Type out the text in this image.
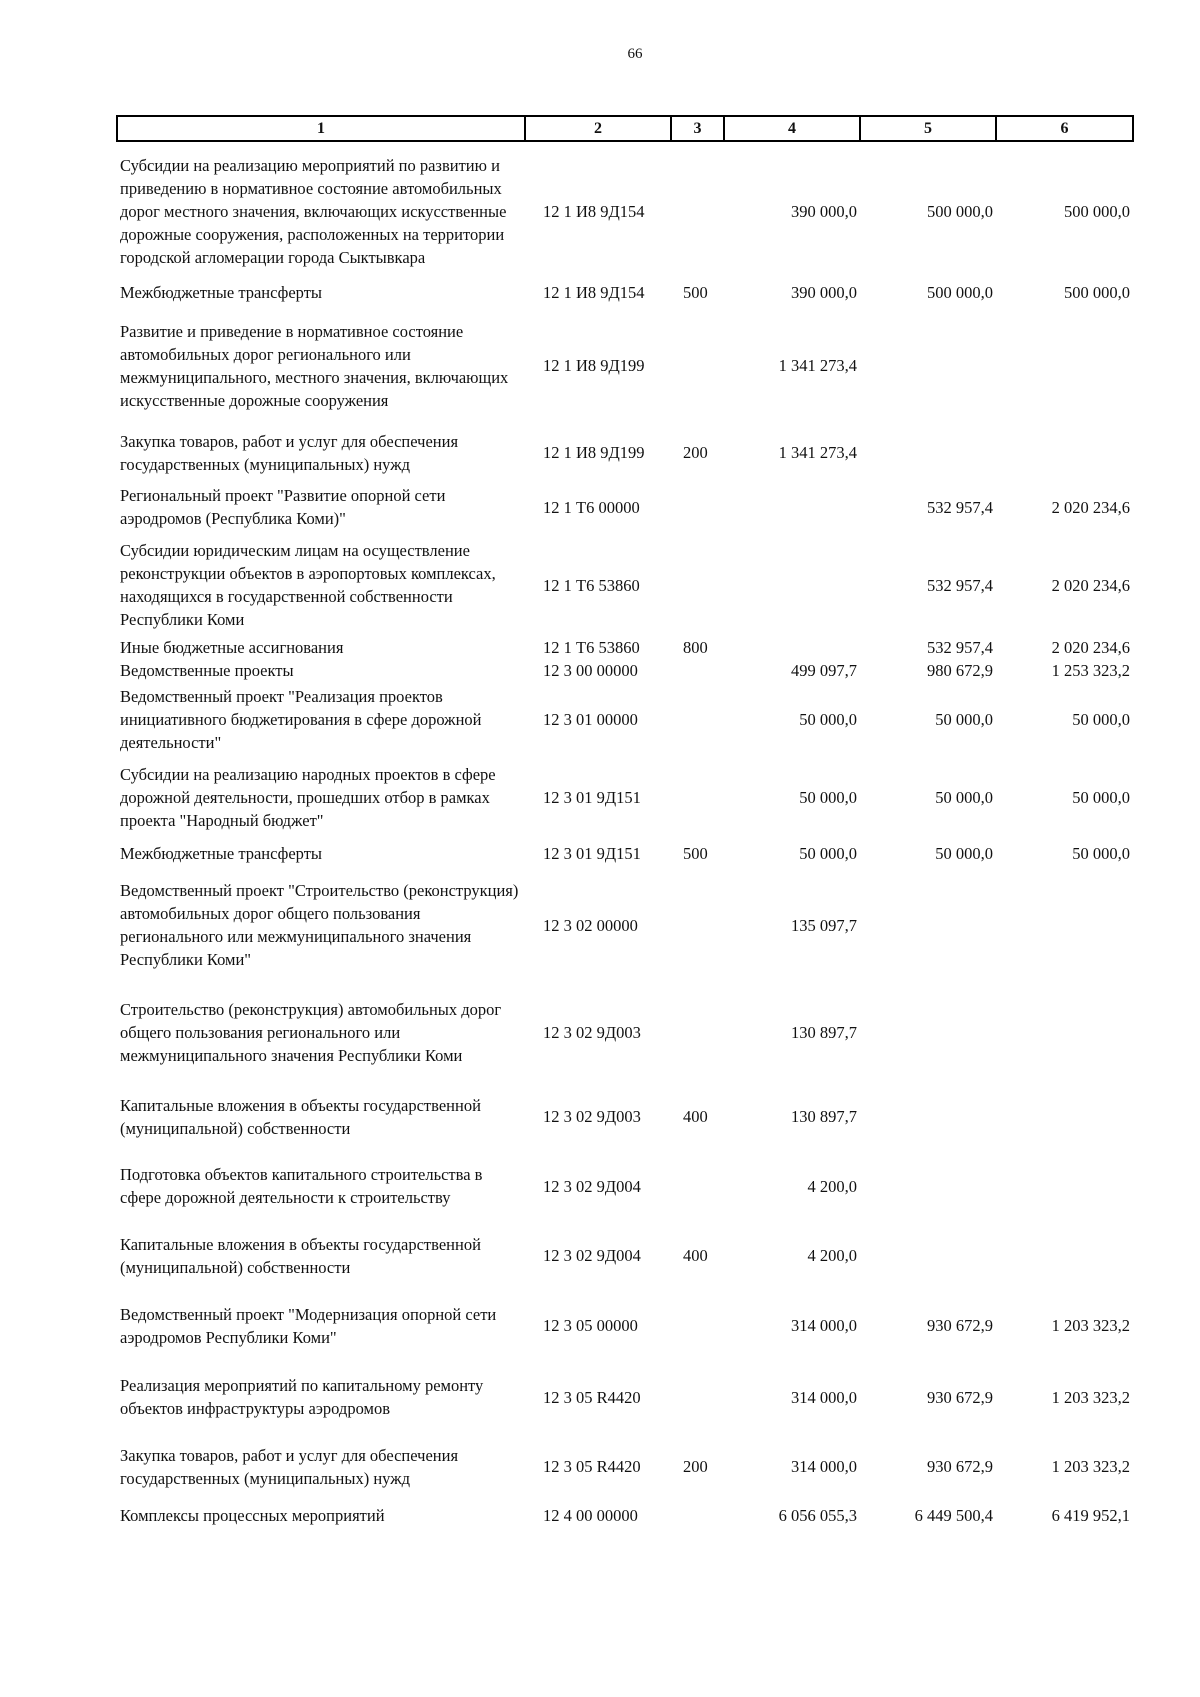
66
1	2	3	4	5	6
Субсидии на реализацию мероприятий по развитию и приведению в нормативное состояние автомобильных дорог местного значения, включающих искусственные дорожные сооружения, расположенных на территории городской агломерации города Сыктывкара	12 1 И8 9Д154		390 000,0	500 000,0	500 000,0
Межбюджетные трансферты	12 1 И8 9Д154	500	390 000,0	500 000,0	500 000,0
Развитие и приведение в нормативное состояние автомобильных дорог регионального или межмуниципального, местного значения, включающих искусственные дорожные сооружения	12 1 И8 9Д199		1 341 273,4		
Закупка товаров, работ и услуг для обеспечения государственных (муниципальных) нужд	12 1 И8 9Д199	200	1 341 273,4		
Региональный проект "Развитие опорной сети аэродромов (Республика Коми)"	12 1 Т6 00000			532 957,4	2 020 234,6
Субсидии юридическим лицам на осуществление реконструкции объектов в аэропортовых комплексах, находящихся в государственной собственности Республики Коми	12 1 Т6 53860			532 957,4	2 020 234,6
Иные бюджетные ассигнования	12 1 Т6 53860	800		532 957,4	2 020 234,6
Ведомственные проекты	12 3 00 00000		499 097,7	980 672,9	1 253 323,2
Ведомственный проект "Реализация проектов инициативного бюджетирования в сфере дорожной деятельности"	12 3 01 00000		50 000,0	50 000,0	50 000,0
Субсидии на реализацию народных проектов в сфере дорожной деятельности, прошедших отбор в рамках проекта "Народный бюджет"	12 3 01 9Д151		50 000,0	50 000,0	50 000,0
Межбюджетные трансферты	12 3 01 9Д151	500	50 000,0	50 000,0	50 000,0
Ведомственный проект "Строительство (реконструкция) автомобильных дорог общего пользования регионального или межмуниципального значения Республики Коми"	12 3 02 00000		135 097,7		
Строительство (реконструкция) автомобильных дорог общего пользования регионального или межмуниципального значения Республики Коми	12 3 02 9Д003		130 897,7		
Капитальные вложения в объекты государственной (муниципальной) собственности	12 3 02 9Д003	400	130 897,7		
Подготовка объектов капитального строительства в сфере дорожной деятельности к строительству	12 3 02 9Д004		4 200,0		
Капитальные вложения в объекты государственной (муниципальной) собственности	12 3 02 9Д004	400	4 200,0		
Ведомственный проект "Модернизация опорной сети аэродромов Республики Коми"	12 3 05 00000		314 000,0	930 672,9	1 203 323,2
Реализация мероприятий по капитальному ремонту объектов инфраструктуры аэродромов	12 3 05 R4420		314 000,0	930 672,9	1 203 323,2
Закупка товаров, работ и услуг для обеспечения государственных (муниципальных) нужд	12 3 05 R4420	200	314 000,0	930 672,9	1 203 323,2
Комплексы процессных мероприятий	12 4 00 00000		6 056 055,3	6 449 500,4	6 419 952,1
